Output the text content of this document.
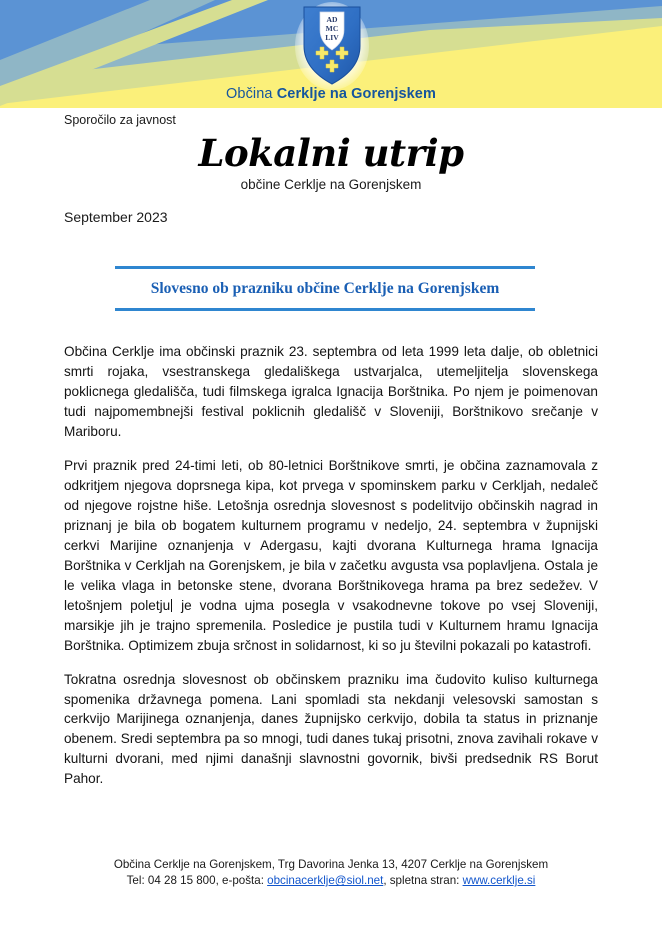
AD
MC
LIV
Občina Cerklje na Gorenjskem
Sporočilo za javnost
Lokalni utrip
občine Cerklje na Gorenjskem
September 2023
Slovesno ob prazniku občine Cerklje na Gorenjskem

Občina Cerklje ima občinski praznik 23. septembra od leta 1999 leta dalje, ob obletnici smrti rojaka, vsestranskega gledališkega ustvarjalca, utemeljitelja slovenskega poklicnega gledališča, tudi filmskega igralca Ignacija Borštnika. Po njem je poimenovan tudi najpomembnejši festival poklicnih gledališč v Sloveniji, Borštnikovo srečanje v Mariboru.

Prvi praznik pred 24-timi leti, ob 80-letnici Borštnikove smrti, je občina zaznamovala z odkritjem njegova doprsnega kipa, kot prvega v spominskem parku v Cerkljah, nedaleč od njegove rojstne hiše. Letošnja osrednja slovesnost s podelitvijo občinskih nagrad in priznanj je bila ob bogatem kulturnem programu v nedeljo, 24. septembra v župnijski cerkvi Marijine oznanjenja v Adergasu, kajti dvorana Kulturnega hrama Ignacija Borštnika v Cerkljah na Gorenjskem, je bila v začetku avgusta vsa poplavljena. Ostala je le velika vlaga in betonske stene, dvorana Borštnikovega hrama pa brez sedežev. V letošnjem poletju je vodna ujma posegla v vsakodnevne tokove po vsej Sloveniji, marsikje jih je trajno spremenila. Posledice je pustila tudi v Kulturnem hramu Ignacija Borštnika. Optimizem zbuja srčnost in solidarnost, ki so ju številni pokazali po katastrofi.

Tokratna osrednja slovesnost ob občinskem prazniku ima čudovito kuliso kulturnega spomenika državnega pomena. Lani spomladi sta nekdanji velesovski samostan s cerkvijo Marijinega oznanjenja, danes župnijsko cerkvijo, dobila ta status in priznanje obenem. Sredi septembra pa so mnogi, tudi danes tukaj prisotni, znova zavihali rokave v kulturni dvorani, med njimi današnji slavnostni govornik, bivši predsednik RS Borut Pahor.

Občina Cerklje na Gorenjskem, Trg Davorina Jenka 13, 4207 Cerklje na Gorenjskem
Tel: 04 28 15 800, e-pošta: obcinacerklje@siol.net, spletna stran: www.cerklje.si
